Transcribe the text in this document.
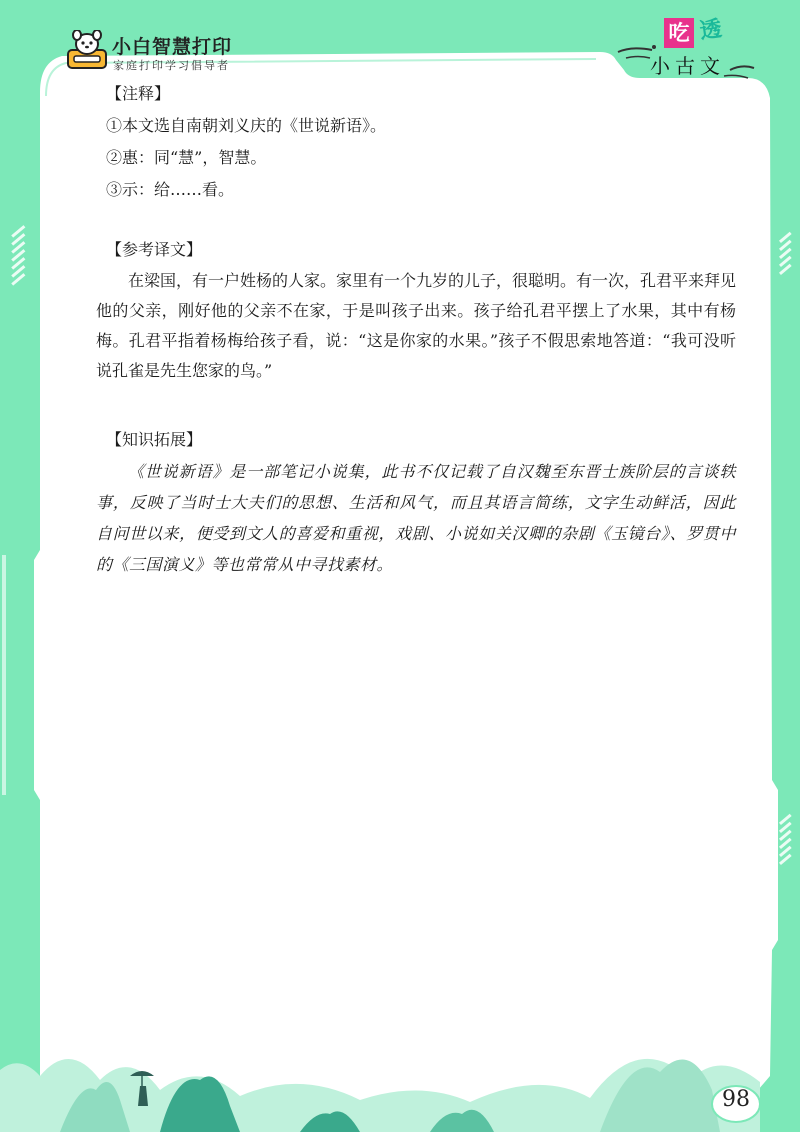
小白智慧打印
家庭打印学习倡导者
吃 透
小古文
【注释】
①本文选自南朝刘义庆的《世说新语》。
②惠：同“慧”，智慧。
③示：给……看。
【参考译文】

在梁国，有一户姓杨的人家。家里有一个九岁的儿子，很聪明。有一次，孔君平来拜见他的父亲，刚好他的父亲不在家，于是叫孩子出来。孩子给孔君平摆上了水果，其中有杨梅。孔君平指着杨梅给孩子看，说：“这是你家的水果。”孩子不假思索地答道：“我可没听说孔雀是先生您家的鸟。”

【知识拓展】

《世说新语》是一部笔记小说集，此书不仅记载了自汉魏至东晋士族阶层的言谈轶事，反映了当时士大夫们的思想、生活和风气，而且其语言简练，文字生动鲜活，因此自问世以来，便受到文人的喜爱和重视，戏剧、小说如关汉卿的杂剧《玉镜台》、罗贯中的《三国演义》等也常常从中寻找素材。

98
